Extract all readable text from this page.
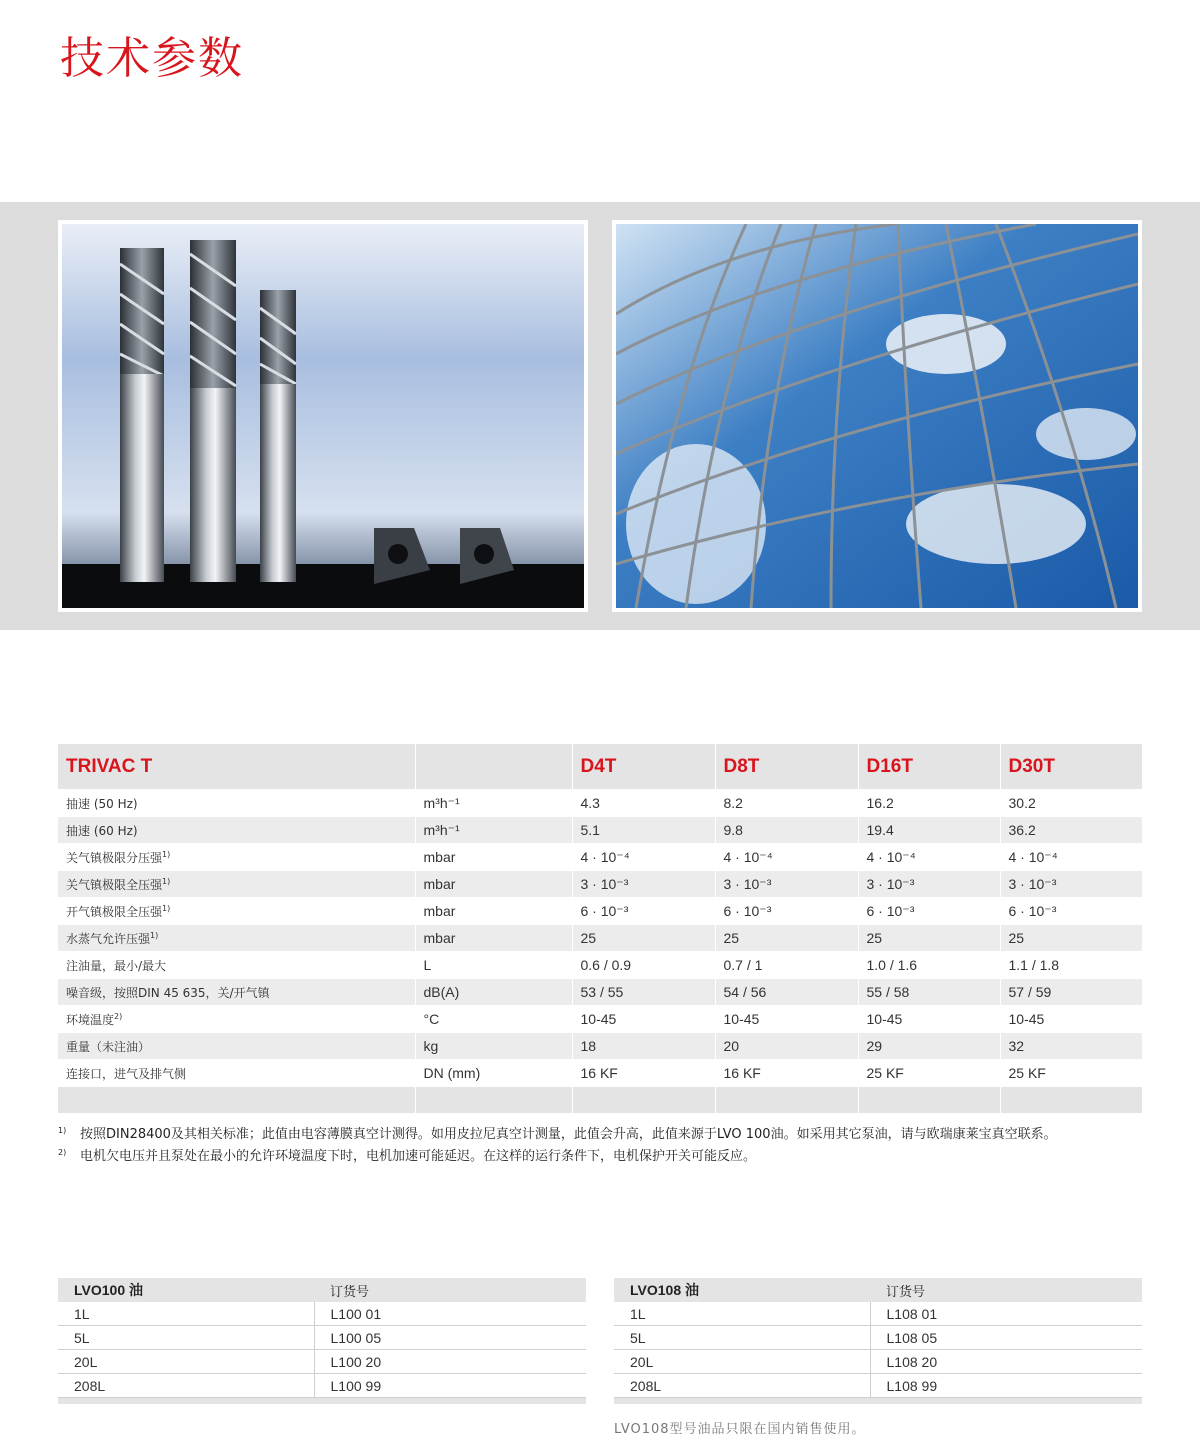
技术参数
TRIVAC T		D4T	D8T	D16T	D30T
抽速 (50 Hz)	m³h⁻¹	4.3	8.2	16.2	30.2
抽速 (60 Hz)	m³h⁻¹	5.1	9.8	19.4	36.2
关气镇极限分压强$^{1)}$	mbar	4 · 10⁻⁴	4 · 10⁻⁴	4 · 10⁻⁴	4 · 10⁻⁴
关气镇极限全压强$^{1)}$	mbar	3 · 10⁻³	3 · 10⁻³	3 · 10⁻³	3 · 10⁻³
开气镇极限全压强$^{1)}$	mbar	6 · 10⁻³	6 · 10⁻³	6 · 10⁻³	6 · 10⁻³
水蒸气允许压强$^{1)}$	mbar	25	25	25	25
注油量，最小/最大	L	0.6 / 0.9	0.7 / 1	1.0 / 1.6	1.1 / 1.8
噪音级，按照DIN 45 635，关/开气镇	dB(A)	53 / 55	54 / 56	55 / 58	57 / 59
环境温度$^{2)}$	°C	10-45	10-45	10-45	10-45
重量（未注油）	kg	18	20	29	32
连接口，进气及排气侧	DN (mm)	16 KF	16 KF	25 KF	25 KF

1) 按照DIN28400及其相关标准；此值由电容薄膜真空计测得。如用皮拉尼真空计测量，此值会升高，此值来源于LVO 100油。如采用其它泵油，请与欧瑞康莱宝真空联系。
2) 电机欠电压并且泵处在最小的允许环境温度下时，电机加速可能延迟。在这样的运行条件下，电机保护开关可能反应。
LVO100 油	订货号
1L	L100 01
5L	L100 05
20L	L100 20
208L	L100 99

LVO108 油	订货号
1L	L108 01
5L	L108 05
20L	L108 20
208L	L108 99

LVO108型号油品只限在国内销售使用。
